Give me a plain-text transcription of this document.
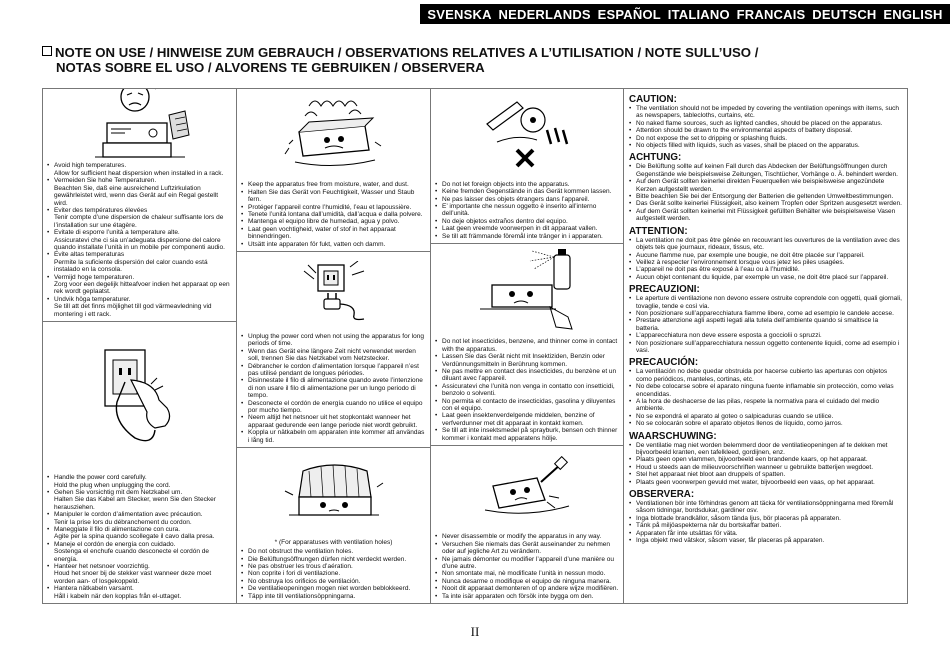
SVENSKA NEDERLANDS ESPAÑOL ITALIANO FRANCAIS DEUTSCH ENGLISH
NOTE ON USE / HINWEISE ZUM GEBRAUCH / OBSERVATIONS RELATIVES A L’UTILISATION / NOTE SULL’USO /
NOTAS SOBRE EL USO / ALVORENS TE GEBRUIKEN / OBSERVERA
• Avoid high temperatures.
Allow for sufficient heat dispersion when installed in a rack.
• Vermeiden Sie hohe Temperaturen.
Beachten Sie, daß eine ausreichend Luftzirkulation gewährleistet wird, wenn das Gerät auf ein Regal gestellt wird.
• Eviter des températures élevées
Tenir compte d’une dispersion de chaleur suffisante lors de l’installation sur une étagère.
• Evitate di esporre l’unità a temperature alte.
Assicuratevi che ci sia un’adeguata dispersione del calore quando installate l’unità in un mobile per componenti audio.
• Evite altas temperaturas
Permite la suficiente dispersión del calor cuando está instalado en la consola.
• Vermijd hoge temperaturen.
Zorg voor een degelijk hitteafvoer indien het apparaat op een rek wordt geplaatst.
• Undvik höga temperaturer.
Se till att det finns möjlighet till god värmeavledning vid montering i ett rack.
• Handle the power cord carefully.
Hold the plug when unplugging the cord.
• Gehen Sie vorsichtig mit dem Netzkabel um.
Halten Sie das Kabel am Stecker, wenn Sie den Stecker herausziehen.
• Manipuler le cordon d’alimentation avec précaution.
Tenir la prise lors du débranchement du cordon.
• Maneggiate il filo di alimentazione con cura.
Agite per la spina quando scollegate il cavo dalla presa.
• Maneje el cordón de energía con cuidado.
Sostenga el enchufe cuando desconecte el cordón de energía.
• Hanteer het netsnoer voorzichtig.
Houd het snoer bij de stekker vast wanneer deze moet worden aan- of losgekoppeld.
• Hantera nätkabeln varsamt.
Håll i kabeln när den kopplas från el-uttaget.
• Keep the apparatus free from moisture, water, and dust.
• Halten Sie das Gerät von Feuchtigkeit, Wasser und Staub fern.
• Protéger l’appareil contre l’humidité, l’eau et lapoussière.
• Tenete l’unità lontana dall’umidità, dall’acqua e dalla polvere.
• Mantenga el equipo libre de humedad, agua y polvo.
• Laat geen vochtigheid, water of stof in het apparaat binnendringen.
• Utsätt inte apparaten för fukt, vatten och damm.
• Unplug the power cord when not using the apparatus for long periods of time.
• Wenn das Gerät eine längere Zeit nicht verwendet werden soll, trennen Sie das Netzkabel vom Netzstecker.
• Débrancher le cordon d’alimentation lorsque l’appareil n’est pas utilisé pendant de longues périodes.
• Disinnestate il filo di alimentazione quando avete l’intenzione di non usare il filo di alimentazione per un lungo periodo di tempo.
• Desconecte el cordón de energía cuando no utilice el equipo por mucho tiempo.
• Neem altijd het netsnoer uit het stopkontakt wanneer het apparaat gedurende een lange periode niet wordt gebruikt.
• Koppla ur nätkabeln om apparaten inte kommer att användas i lång tid.
* (For apparatuses with ventilation holes)
• Do not obstruct the ventilation holes.
• Die Belüftungsöffnungen dürfen nicht verdeckt werden.
• Ne pas obstruer les trous d’aération.
• Non coprite i fori di ventilazione.
• No obstruya los orificios de ventilación.
• De ventilatieopeningen mogen niet worden beblokkeerd.
• Täpp inte till ventilationsöppningarna.
• Do not let foreign objects into the apparatus.
• Keine fremden Gegenstände in das Gerät kommen lassen.
• Ne pas laisser des objets étrangers dans l’appareil.
• E’ importante che nessun oggetto è inserito all’interno dell’unità.
• No deje objetos extraños dentro del equipo.
• Laat geen vreemde voorwerpen in dit apparaat vallen.
• Se till att främmande föremål inte tränger in i apparaten.
• Do not let insecticides, benzene, and thinner come in contact with the apparatus.
• Lassen Sie das Gerät nicht mit Insektiziden, Benzin oder Verdünnungsmitteln in Berührung kommen.
• Ne pas mettre en contact des insecticides, du benzène et un diluant avec l’appareil.
• Assicuratevi che l’unità non venga in contatto con insetticidi, benzolo o solventi.
• No permita el contacto de insecticidas, gasolina y diluyentes con el equipo.
• Laat geen insektenverdelgende middelen, benzine of verfverdunner met dit apparaat in kontakt komen.
• Se till att inte insektsmedel på sprayburk, bensen och thinner kommer i kontakt med apparatens hölje.
• Never disassemble or modify the apparatus in any way.
• Versuchen Sie niemals das Gerät auseinander zu nehmen oder auf jegliche Art zu verändern.
• Ne jamais démonter ou modifier l’appareil d’une manière ou d’une autre.
• Non smontate mai, nè modificate l’unità in nessun modo.
• Nunca desarme o modifique el equipo de ninguna manera.
• Nooit dit apparaat demonteren of op andere wijze modifiëren.
• Ta inte isär apparaten och försök inte bygga om den.
CAUTION:
• The ventilation should not be impeded by covering the ventilation openings with items, such as newspapers, tablecloths, curtains, etc.
• No naked flame sources, such as lighted candles, should be placed on the apparatus.
• Attention should be drawn to the environmental aspects of battery disposal.
• Do not expose the set to dripping or splashing fluids.
• No objects filled with liquids, such as vases, shall be placed on the apparatus.
ACHTUNG:
• Die Belüftung sollte auf keinen Fall durch das Abdecken der Belüftungsöffnungen durch Gegenstände wie beispielsweise Zeitungen, Tischtücher, Vorhänge o. Ä. behindert werden.
• Auf dem Gerät sollten keinerlei direkten Feuerquellen wie beispielsweise angezündete Kerzen aufgestellt werden.
• Bitte beachten Sie bei der Entsorgung der Batterien die geltenden Umweltbestimmungen.
• Das Gerät sollte keinerlei Flüssigkeit, also keinem Tropfen oder Spritzen ausgesetzt werden.
• Auf dem Gerät sollten keinerlei mit Flüssigkeit gefüllten Behälter wie beispielsweise Vasen aufgestellt werden.
ATTENTION:
• La ventilation ne doit pas être gênée en recouvrant les ouvertures de la ventilation avec des objets tels que journaux, rideaux, tissus, etc.
• Aucune flamme nue, par exemple une bougie, ne doit être placée sur l’appareil.
• Veillez à respecter l’environnement lorsque vous jetez les piles usagées.
• L’appareil ne doit pas être exposé à l’eau ou à l’humidité.
• Aucun objet contenant du liquide, par exemple un vase, ne doit être placé sur l’appareil.
PRECAUZIONI:
• Le aperture di ventilazione non devono essere ostruite coprendole con oggetti, quali giornali, tovaglie, tende e così via.
• Non posizionare sull’apparecchiatura fiamme libere, come ad esempio le candele accese.
• Prestare attenzione agli aspetti legati alla tutela dell’ambiente quando si smaltisce la batteria.
• L’apparecchiatura non deve essere esposta a gocciolii o spruzzi.
• Non posizionare sull’apparecchiatura nessun oggetto contenente liquidi, come ad esempio i vasi.
PRECAUCIÓN:
• La ventilación no debe quedar obstruida por hacerse cubierto las aperturas con objetos como periódicos, manteles, cortinas, etc.
• No debe colocarse sobre el aparato ninguna fuente inflamable sin protección, como velas encendidas.
• A la hora de deshacerse de las pilas, respete la normativa para el cuidado del medio ambiente.
• No se expondrá el aparato al goteo o salpicaduras cuando se utilice.
• No se colocarán sobre el aparato objetos llenos de líquido, como jarros.
WAARSCHUWING:
• De ventilatie mag niet worden belemmerd door de ventilatieopeningen af te dekken met bijvoorbeeld kranten, een tafelkleed, gordijnen, enz.
• Plaats geen open vlammen, bijvoorbeeld een brandende kaars, op het apparaat.
• Houd u steeds aan de milieuvoorschriften wanneer u gebruikte batterijen wegdoet.
• Stel het apparaat niet bloot aan druppels of spatten.
• Plaats geen voorwerpen gevuld met water, bijvoorbeeld een vaas, op het apparaat.
OBSERVERA:
• Ventilationen bör inte förhindras genom att täcka för ventilationsöppningarna med föremål såsom tidningar, bordsdukar, gardiner osv.
• Inga blottade brandkällor, såsom tända ljus, bör placeras på apparaten.
• Tänk på miljöaspekterna när du bortskaffar batteri.
• Apparaten får inte utsättas för väta.
• Inga objekt med vätskor, såsom vaser, får placeras på apparaten.
II
